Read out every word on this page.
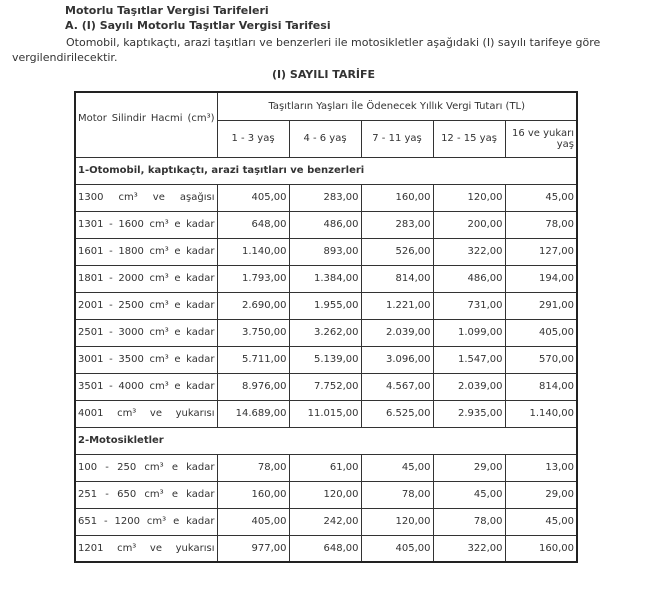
Motorlu Taşıtlar Vergisi Tarifeleri
A. (I) Sayılı Motorlu Taşıtlar Vergisi Tarifesi
Otomobil, kaptıkaçtı, arazi taşıtları ve benzerleri ile motosikletler aşağıdaki (I) sayılı tarifeye göre vergilendirilecektir.
(I) SAYILI TARİFE
Motor Silindir Hacmi (cm³)	Taşıtların Yaşları İle Ödenecek Yıllık Vergi Tutarı (TL)				
	1 - 3 yaş	4 - 6 yaş	7 - 11 yaş	12 - 15 yaş	16 ve yukarı yaş
1-Otomobil, kaptıkaçtı, arazi taşıtları ve benzerleri					
1300 cm³ ve aşağısı	405,00	283,00	160,00	120,00	45,00
1301 - 1600 cm³ e kadar	648,00	486,00	283,00	200,00	78,00
1601 - 1800 cm³ e kadar	1.140,00	893,00	526,00	322,00	127,00
1801 - 2000 cm³ e kadar	1.793,00	1.384,00	814,00	486,00	194,00
2001 - 2500 cm³ e kadar	2.690,00	1.955,00	1.221,00	731,00	291,00
2501 - 3000 cm³ e kadar	3.750,00	3.262,00	2.039,00	1.099,00	405,00
3001 - 3500 cm³ e kadar	5.711,00	5.139,00	3.096,00	1.547,00	570,00
3501 - 4000 cm³ e kadar	8.976,00	7.752,00	4.567,00	2.039,00	814,00
4001 cm³ ve yukarısı	14.689,00	11.015,00	6.525,00	2.935,00	1.140,00
2-Motosikletler					
100 - 250 cm³ e kadar	78,00	61,00	45,00	29,00	13,00
251 - 650 cm³ e kadar	160,00	120,00	78,00	45,00	29,00
651 - 1200 cm³ e kadar	405,00	242,00	120,00	78,00	45,00
1201 cm³ ve yukarısı	977,00	648,00	405,00	322,00	160,00
